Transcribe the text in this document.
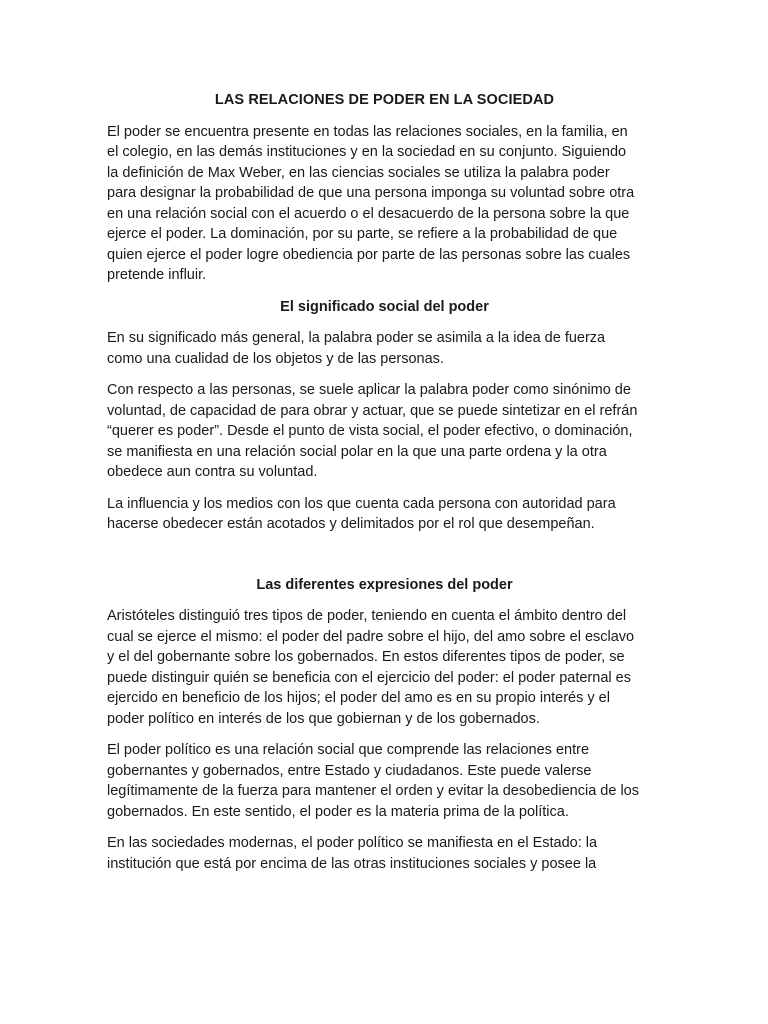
LAS RELACIONES DE PODER EN LA SOCIEDAD
El poder se encuentra presente en todas las relaciones sociales, en la familia, en
el colegio, en las demás instituciones y en la sociedad en su conjunto. Siguiendo
la definición de Max Weber, en las ciencias sociales se utiliza la palabra poder
para designar la probabilidad de que una persona imponga su voluntad sobre otra
en una relación social con el acuerdo o el desacuerdo de la persona sobre la que
ejerce el poder. La dominación, por su parte, se refiere a la probabilidad de que
quien ejerce el poder logre obediencia por parte de las personas sobre las cuales
pretende influir.
El significado social del poder
En su significado más general, la palabra poder se asimila a la idea de fuerza
como una cualidad de los objetos y de las personas.
Con respecto a las personas, se suele aplicar la palabra poder como sinónimo de
voluntad, de capacidad de para obrar y actuar, que se puede sintetizar en el refrán
“querer es poder”. Desde el punto de vista social, el poder efectivo, o dominación,
se manifiesta en una relación social polar en la que una parte ordena y la otra
obedece aun contra su voluntad.
La influencia y los medios con los que cuenta cada persona con autoridad para
hacerse obedecer están acotados y delimitados por el rol que desempeñan.
Las diferentes expresiones del poder
Aristóteles distinguió tres tipos de poder, teniendo en cuenta el ámbito dentro del
cual se ejerce el mismo: el poder del padre sobre el hijo, del amo sobre el esclavo
y el del gobernante sobre los gobernados. En estos diferentes tipos de poder, se
puede distinguir quién se beneficia con el ejercicio del poder: el poder paternal es
ejercido en beneficio de los hijos; el poder del amo es en su propio interés y el
poder político en interés de los que gobiernan y de los gobernados.
El poder político es una relación social que comprende las relaciones entre
gobernantes y gobernados, entre Estado y ciudadanos. Este puede valerse
legítimamente de la fuerza para mantener el orden y evitar la desobediencia de los
gobernados. En este sentido, el poder es la materia prima de la política.
En las sociedades modernas, el poder político se manifiesta en el Estado: la
institución que está por encima de las otras instituciones sociales y posee la
